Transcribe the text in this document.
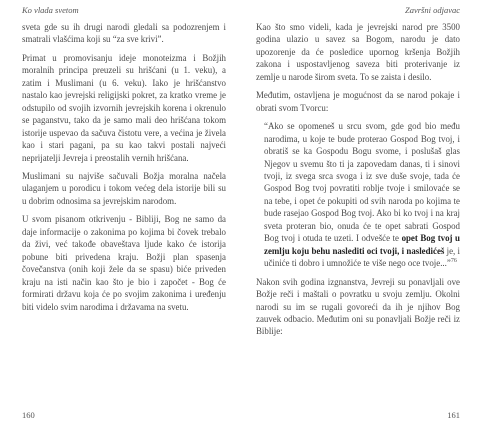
Ko vlada svetom

sveta gde su ih drugi narodi gledali sa podozrenjem i smatrali vlašćima koji su “za sve krivi”.

Primat u promovisanju ideje monoteizma i Božjih moralnih principa preuzeli su hrišćani (u 1. veku), a zatim i Muslimani (u 6. veku). Iako je hrišćanstvo nastalo kao jevrejski religijski pokret, za kratko vreme je odstupilo od svojih izvornih jevrejskih korena i okrenulo se paganstvu, tako da je samo mali deo hrišćana tokom istorije uspevao da sačuva čistotu vere, a većina je živela kao i stari pagani, pa su kao takvi postali najveći neprijatelji Jevreja i preostalih vernih hrišćana.

Muslimani su najviše sačuvali Božja moralna načela ulaganjem u porodicu i tokom većeg dela istorije bili su u dobrim odnosima sa jevrejskim narodom.

U svom pisanom otkrivenju - Bibliji, Bog ne samo da daje informacije o zakonima po kojima bi čovek trebalo da živi, već takođe obaveštava ljude kako će istorija pobune biti privedena kraju. Božji plan spasenja čovečanstva (onih koji žele da se spasu) biće priveden kraju na isti način kao što je bio i započet - Bog će formirati državu koja će po svojim zakonima i uređenju biti videlo svim narodima i državama na svetu.

160
Završni odjavac

Kao što smo videli, kada je jevrejski narod pre 3500 godina ulazio u savez sa Bogom, narodu je dato upozorenje da će posledice upornog kršenja Božjih zakona i uspostavljenog saveza biti proterivanje iz zemlje u narode širom sveta. To se zaista i desilo.

Međutim, ostavljena je mogućnost da se narod pokaje i obrati svom Tvorcu:

“Ako se opomeneš u srcu svom, gde god bio među narodima, u koje te bude proterao Gospod Bog tvoj, i obratiš se ka Gospodu Bogu svome, i poslušaš glas Njegov u svemu što ti ja zapovedam danas, ti i sinovi tvoji, iz svega srca svoga i iz sve duše svoje, tada će Gospod Bog tvoj povratiti roblje tvoje i smilovaće se na tebe, i opet će pokupiti od svih naroda po kojima te bude rasejao Gospod Bog tvoj. Ako bi ko tvoj i na kraj sveta proteran bio, onuda će te opet sabrati Gospod Bog tvoj i otuda te uzeti. I odvešće te opet Bog tvoj u zemlju koju behu naslediti oci tvoji, i nasledićeš je, i učiniće ti dobro i umnožiće te više nego oce tvoje...”$^{76}$

Nakon svih godina izgnanstva, Jevreji su ponavljali ove Božje reči i maštali o povratku u svoju zemlju. Okolni narodi su im se rugali govoreći da ih je njihov Bog zauvek odbacio. Međutim oni su ponavljali Božje reči iz Biblije:

161
